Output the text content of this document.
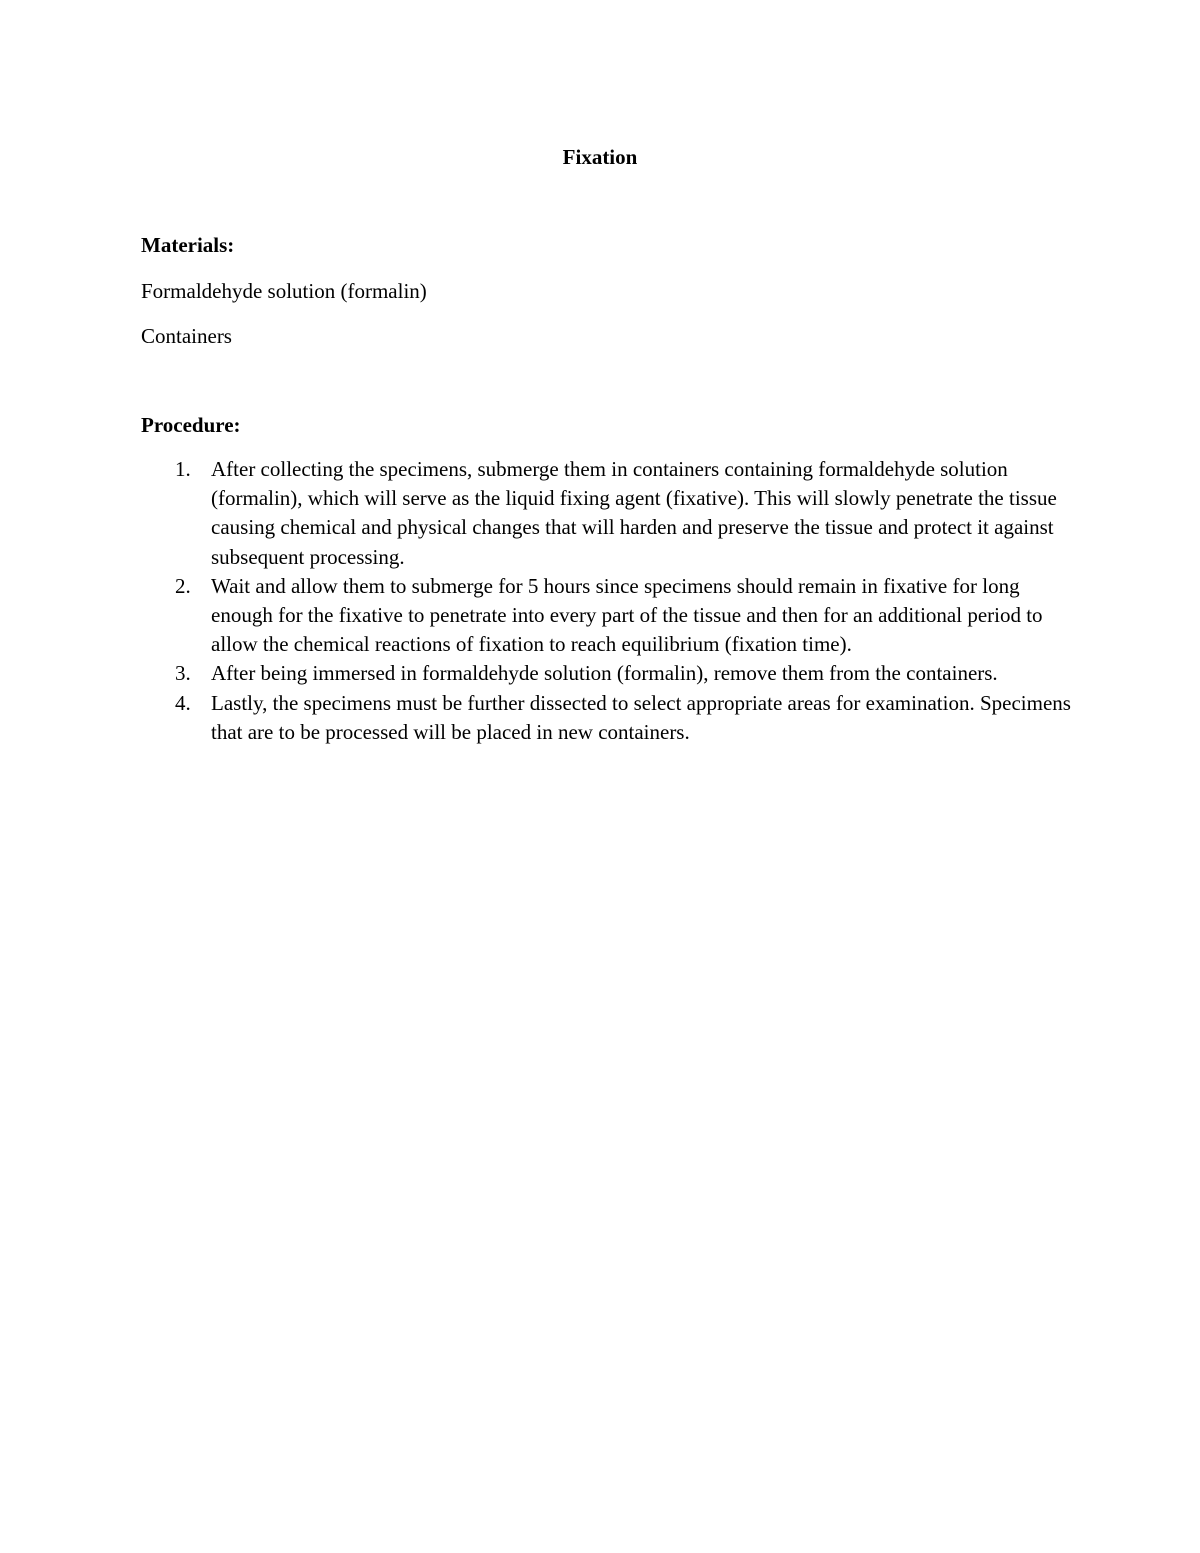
Fixation
Materials:

Formaldehyde solution (formalin)

Containers

Procedure:
1. After collecting the specimens, submerge them in containers containing formaldehyde solution (formalin), which will serve as the liquid fixing agent (fixative). This will slowly penetrate the tissue causing chemical and physical changes that will harden and preserve the tissue and protect it against subsequent processing.
2. Wait and allow them to submerge for 5 hours since specimens should remain in fixative for long enough for the fixative to penetrate into every part of the tissue and then for an additional period to allow the chemical reactions of fixation to reach equilibrium (fixation time).
3. After being immersed in formaldehyde solution (formalin), remove them from the containers.
4. Lastly, the specimens must be further dissected to select appropriate areas for examination. Specimens that are to be processed will be placed in new containers.
